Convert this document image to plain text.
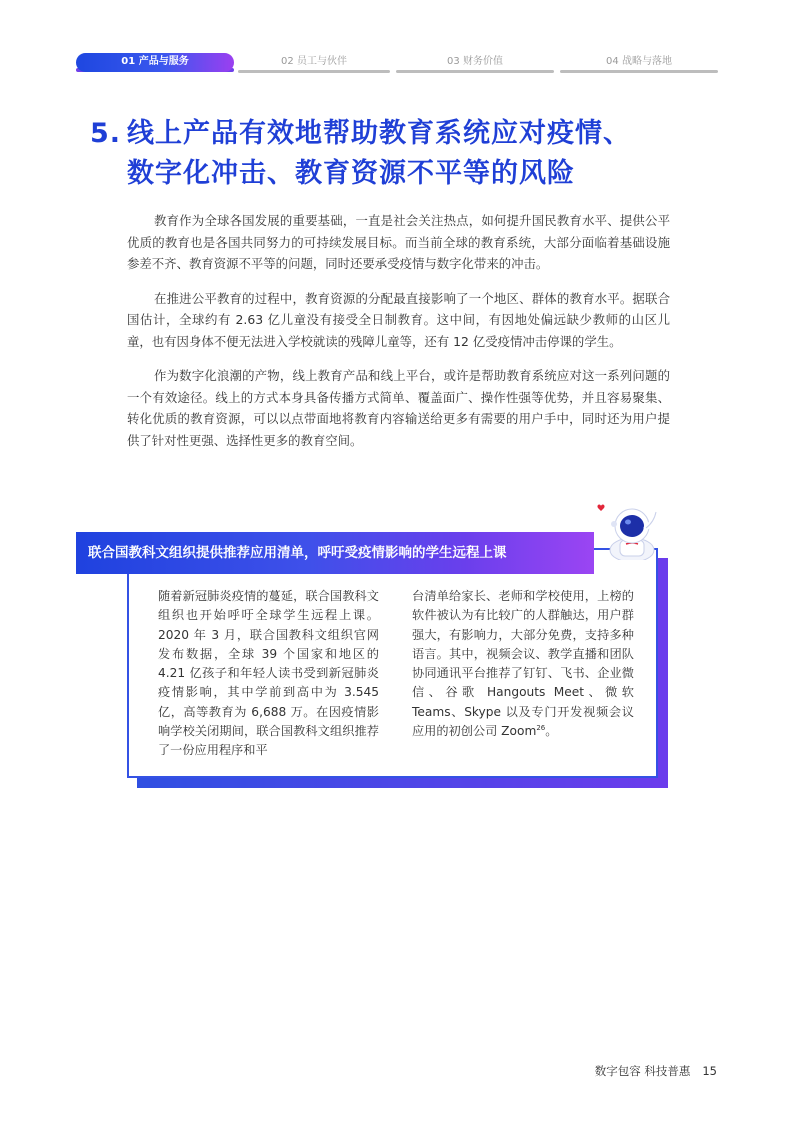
01 产品与服务	02 员工与伙伴	03 财务价值	04 战略与落地
5. 线上产品有效地帮助教育系统应对疫情、
数字化冲击、教育资源不平等的风险

教育作为全球各国发展的重要基础，一直是社会关注热点，如何提升国民教育水平、提供公平优质的教育也是各国共同努力的可持续发展目标。而当前全球的教育系统，大部分面临着基础设施参差不齐、教育资源不平等的问题，同时还要承受疫情与数字化带来的冲击。

在推进公平教育的过程中，教育资源的分配最直接影响了一个地区、群体的教育水平。据联合国估计，全球约有 2.63 亿儿童没有接受全日制教育。这中间，有因地处偏远缺少教师的山区儿童，也有因身体不便无法进入学校就读的残障儿童等，还有 12 亿受疫情冲击停课的学生。

作为数字化浪潮的产物，线上教育产品和线上平台，或许是帮助教育系统应对这一系列问题的一个有效途径。线上的方式本身具备传播方式简单、覆盖面广、操作性强等优势，并且容易聚集、转化优质的教育资源，可以以点带面地将教育内容输送给更多有需要的用户手中，同时还为用户提供了针对性更强、选择性更多的教育空间。

联合国教科文组织提供推荐应用清单，呼吁受疫情影响的学生远程上课
随着新冠肺炎疫情的蔓延，联合国教科文组织也开始呼吁全球学生远程上课。2020 年 3 月，联合国教科文组织官网发布数据，全球 39 个国家和地区的 4.21 亿孩子和年轻人读书受到新冠肺炎疫情影响，其中学前到高中为 3.545 亿，高等教育为 6,688 万。在因疫情影响学校关闭期间，联合国教科文组织推荐了一份应用程序和平
台清单给家长、老师和学校使用，上榜的软件被认为有比较广的人群触达，用户群强大，有影响力，大部分免费，支持多种语言。其中，视频会议、教学直播和团队协同通讯平台推荐了钉钉、飞书、企业微信、谷歌 Hangouts Meet、微软 Teams、Skype 以及专门开发视频会议应用的初创公司 Zoom$^{26}$。
数字包容 科技普惠 15
